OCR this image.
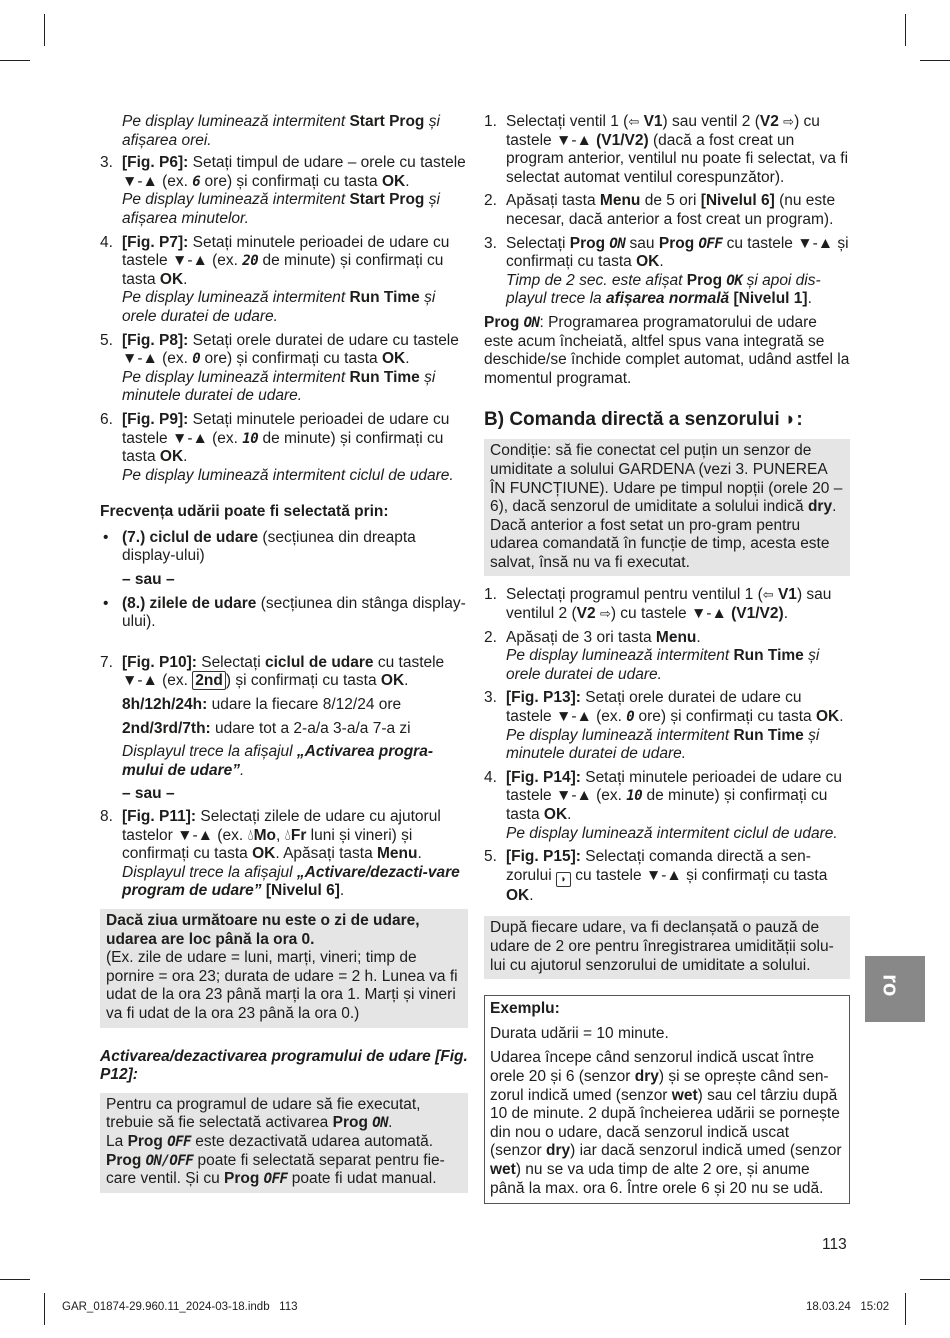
ro
Pe display luminează intermitent Start Prog și afișarea orei.
3. [Fig. P6]: Setați timpul de udare – orele cu tastele ▼-▲ (ex. 6 ore) și confirmați cu tasta OK.
Pe display luminează intermitent Start Prog și afișarea minutelor.
4. [Fig. P7]: Setați minutele perioadei de udare cu tastele ▼-▲ (ex. 20 de minute) și confirmați cu tasta OK.
Pe display luminează intermitent Run Time și orele duratei de udare.
5. [Fig. P8]: Setați orele duratei de udare cu tastele ▼-▲ (ex. 0 ore) și confirmați cu tasta OK.
Pe display luminează intermitent Run Time și minutele duratei de udare.
6. [Fig. P9]: Setați minutele perioadei de udare cu tastele ▼-▲ (ex. 10 de minute) și confirmați cu tasta OK.
Pe display luminează intermitent ciclul de udare.
Frecvența udării poate fi selectată prin:
• (7.) ciclul de udare (secțiunea din dreapta display-ului)
– sau –
• (8.) zilele de udare (secțiunea din stânga display-ului).
7. [Fig. P10]: Selectați ciclul de udare cu tastele ▼-▲ (ex. 2nd ) și confirmați cu tasta OK.
8h/12h/24h: udare la fiecare 8/12/24 ore
2nd/3rd/7th: udare tot a 2-a/a 3-a/a 7-a zi
Displayul trece la afișajul „Activarea progra-mului de udare”.
– sau –
8. [Fig. P11]: Selectați zilele de udare cu ajutorul tastelor ▼-▲ (ex. 💧︎Mo, 💧︎Fr luni și vineri) și confirmați cu tasta OK. Apăsați tasta Menu.
Displayul trece la afișajul „Activare/dezacti-vare program de udare” [Nivelul 6].
Dacă ziua următoare nu este o zi de udare, udarea are loc până la ora 0.
(Ex. zile de udare = luni, marți, vineri; timp de pornire = ora 23; durata de udare = 2 h. Lunea va fi udat de la ora 23 până marți la ora 1. Marți și vineri va fi udat de la ora 23 până la ora 0.)
Activarea/dezactivarea programului de udare [Fig. P12]:
Pentru ca programul de udare să fie executat, trebuie să fie selectată activarea Prog ON.
La Prog OFF este dezactivată udarea automată.
Prog ON/OFF poate fi selectată separat pentru fie-care ventil. Și cu Prog OFF poate fi udat manual.
1. Selectați ventil 1 (⇦ V1) sau ventil 2 (V2 ⇨) cu tastele ▼-▲ (V1/V2) (dacă a fost creat un program anterior, ventilul nu poate fi selectat, va fi selectat automat ventilul corespunzător).
2. Apăsați tasta Menu de 5 ori [Nivelul 6] (nu este necesar, dacă anterior a fost creat un program).
3. Selectați Prog ON sau Prog OFF cu tastele ▼-▲ și confirmați cu tasta OK.
Timp de 2 sec. este afișat Prog OK și apoi dis-playul trece la afișarea normală [Nivelul 1].
Prog ON: Programarea programatorului de udare este acum încheiată, altfel spus vana integrată se deschide/se închide complet automat, udând astfel la momentul programat.
B) Comanda directă a senzorului ◗:
Condiție: să fie conectat cel puțin un senzor de umiditate a solului GARDENA (vezi 3. PUNEREA ÎN FUNCȚIUNE). Udare pe timpul nopții (orele 20 – 6), dacă senzorul de umiditate a solului indică dry. Dacă anterior a fost setat un pro-gram pentru udarea comandată în funcție de timp, acesta este salvat, însă nu va fi executat.
1. Selectați programul pentru ventilul 1 (⇦ V1) sau ventilul 2 (V2 ⇨) cu tastele ▼-▲ (V1/V2).
2. Apăsați de 3 ori tasta Menu.
Pe display luminează intermitent Run Time și orele duratei de udare.
3. [Fig. P13]: Setați orele duratei de udare cu tastele ▼-▲ (ex. 0 ore) și confirmați cu tasta OK.
Pe display luminează intermitent Run Time și minutele duratei de udare.
4. [Fig. P14]: Setați minutele perioadei de udare cu tastele ▼-▲ (ex. 10 de minute) și confirmați cu tasta OK.
Pe display luminează intermitent ciclul de udare.
5. [Fig. P15]: Selectați comanda directă a sen-zorului ◗ cu tastele ▼-▲ și confirmați cu tasta OK.
După fiecare udare, va fi declanșată o pauză de udare de 2 ore pentru înregistrarea umidității solu-lui cu ajutorul senzorului de umiditate a solului.
Exemplu:
Durata udării = 10 minute.
Udarea începe când senzorul indică uscat între orele 20 și 6 (senzor dry) și se oprește când sen-zorul indică umed (senzor wet) sau cel târziu după 10 de minute. 2 după încheierea udării se pornește din nou o udare, dacă senzorul indică uscat (senzor dry) iar dacă senzorul indică umed (senzor wet) nu se va uda timp de alte 2 ore, și anume până la max. ora 6. Între orele 6 și 20 nu se udă.
113
GAR_01874-29.960.11_2024-03-18.indb   113	18.03.24   15:02
